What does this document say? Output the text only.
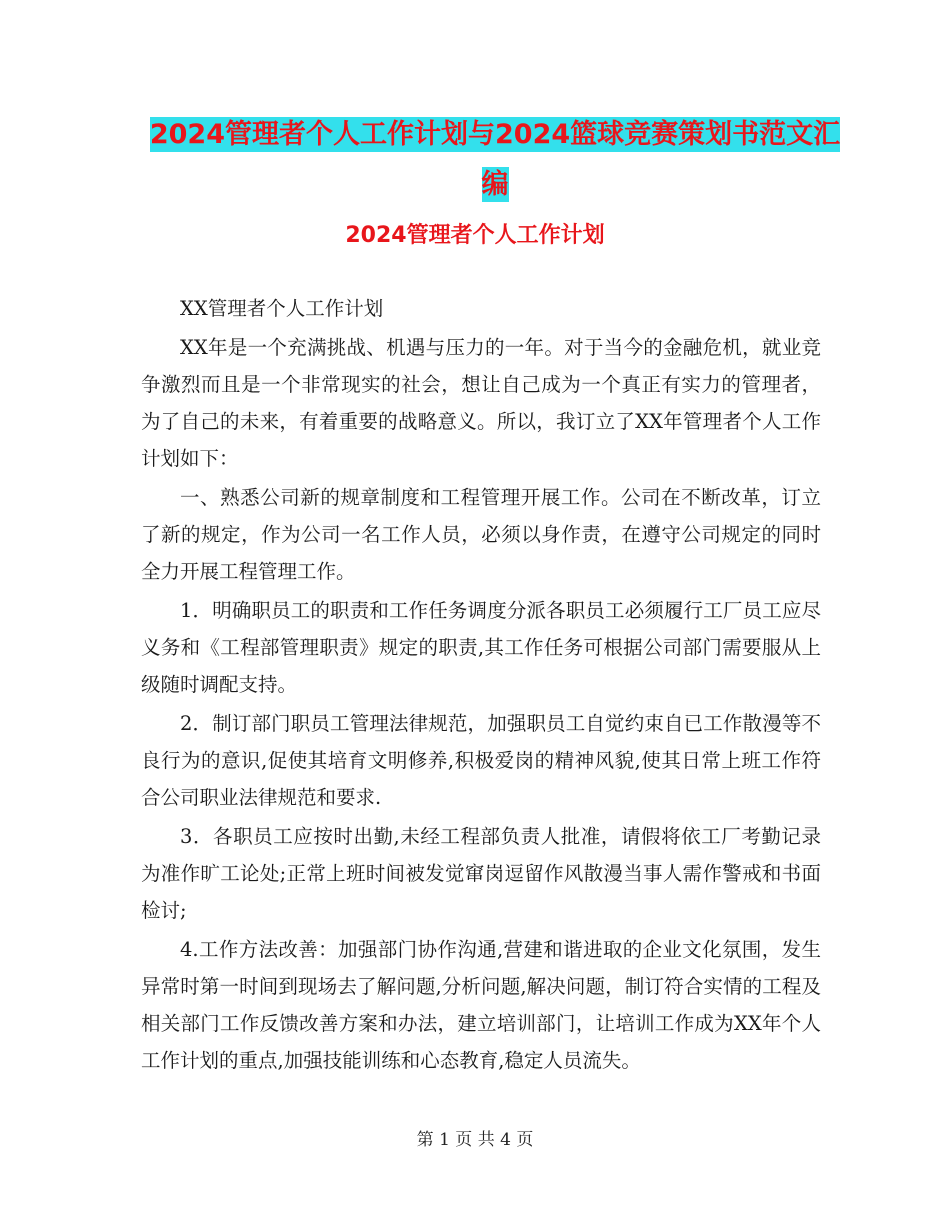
2024管理者个人工作计划与2024篮球竞赛策划书范文汇编
2024管理者个人工作计划

XX管理者个人工作计划

XX年是一个充满挑战、机遇与压力的一年。对于当今的金融危机，就业竞争激烈而且是一个非常现实的社会，想让自己成为一个真正有实力的管理者，为了自己的未来，有着重要的战略意义。所以，我订立了XX年管理者个人工作计划如下：

一、熟悉公司新的规章制度和工程管理开展工作。公司在不断改革，订立了新的规定，作为公司一名工作人员，必须以身作责，在遵守公司规定的同时全力开展工程管理工作。

1．明确职员工的职责和工作任务调度分派各职员工必须履行工厂员工应尽义务和《工程部管理职责》规定的职责,其工作任务可根据公司部门需要服从上级随时调配支持。

2．制订部门职员工管理法律规范，加强职员工自觉约束自已工作散漫等不良行为的意识,促使其培育文明修养,积极爱岗的精神风貌,使其日常上班工作符合公司职业法律规范和要求.

3．各职员工应按时出勤,未经工程部负责人批准，请假将依工厂考勤记录为准作旷工论处;正常上班时间被发觉窜岗逗留作风散漫当事人需作警戒和书面检讨;

4.工作方法改善：加强部门协作沟通,营建和谐进取的企业文化氛围，发生异常时第一时间到现场去了解问题,分析问题,解决问题，制订符合实情的工程及相关部门工作反馈改善方案和办法，建立培训部门，让培训工作成为XX年个人工作计划的重点,加强技能训练和心态教育,稳定人员流失。

第 1 页 共 4 页
